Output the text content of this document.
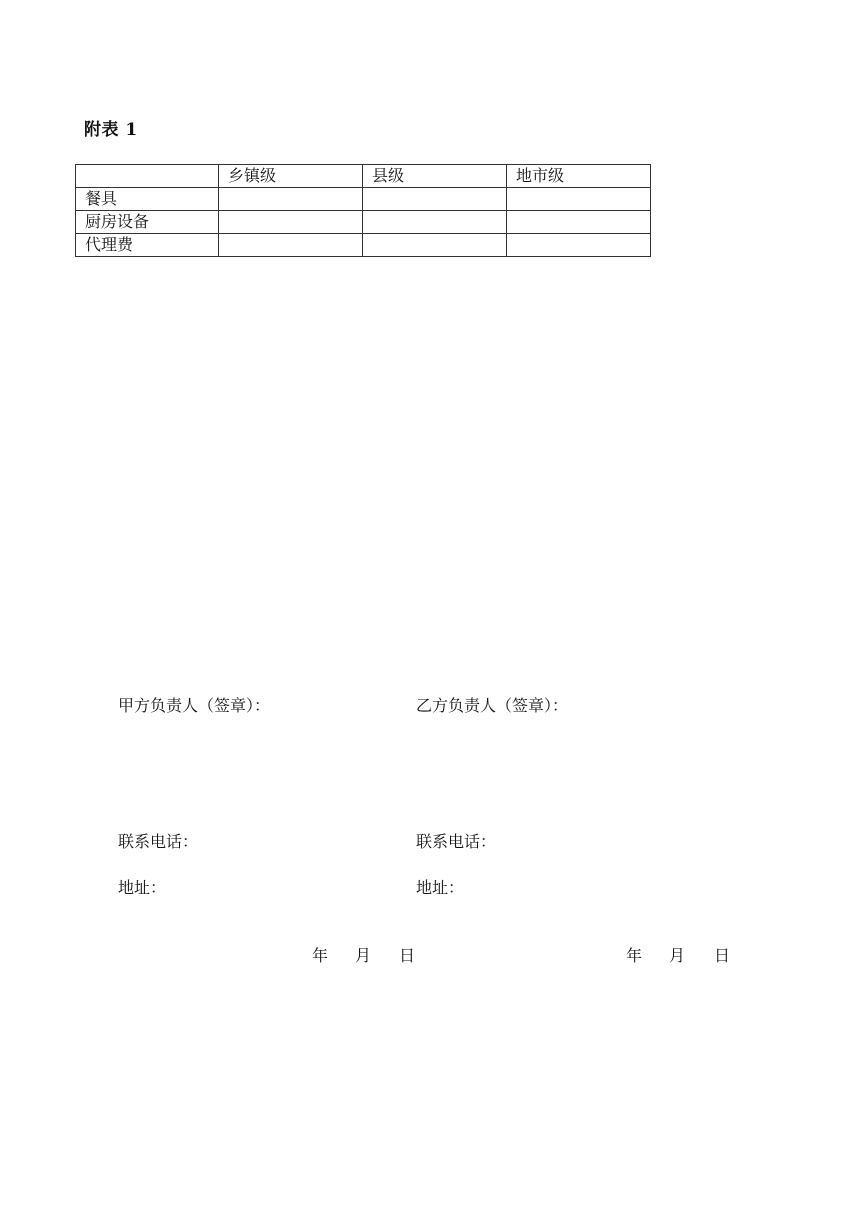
附表 1
	乡镇级	县级	地市级
餐具			
厨房设备			
代理费			
甲方负责人（签章）：
联系电话：
地址：
乙方负责人（签章）：
联系电话：
地址：
年 月 日	年 月 日
